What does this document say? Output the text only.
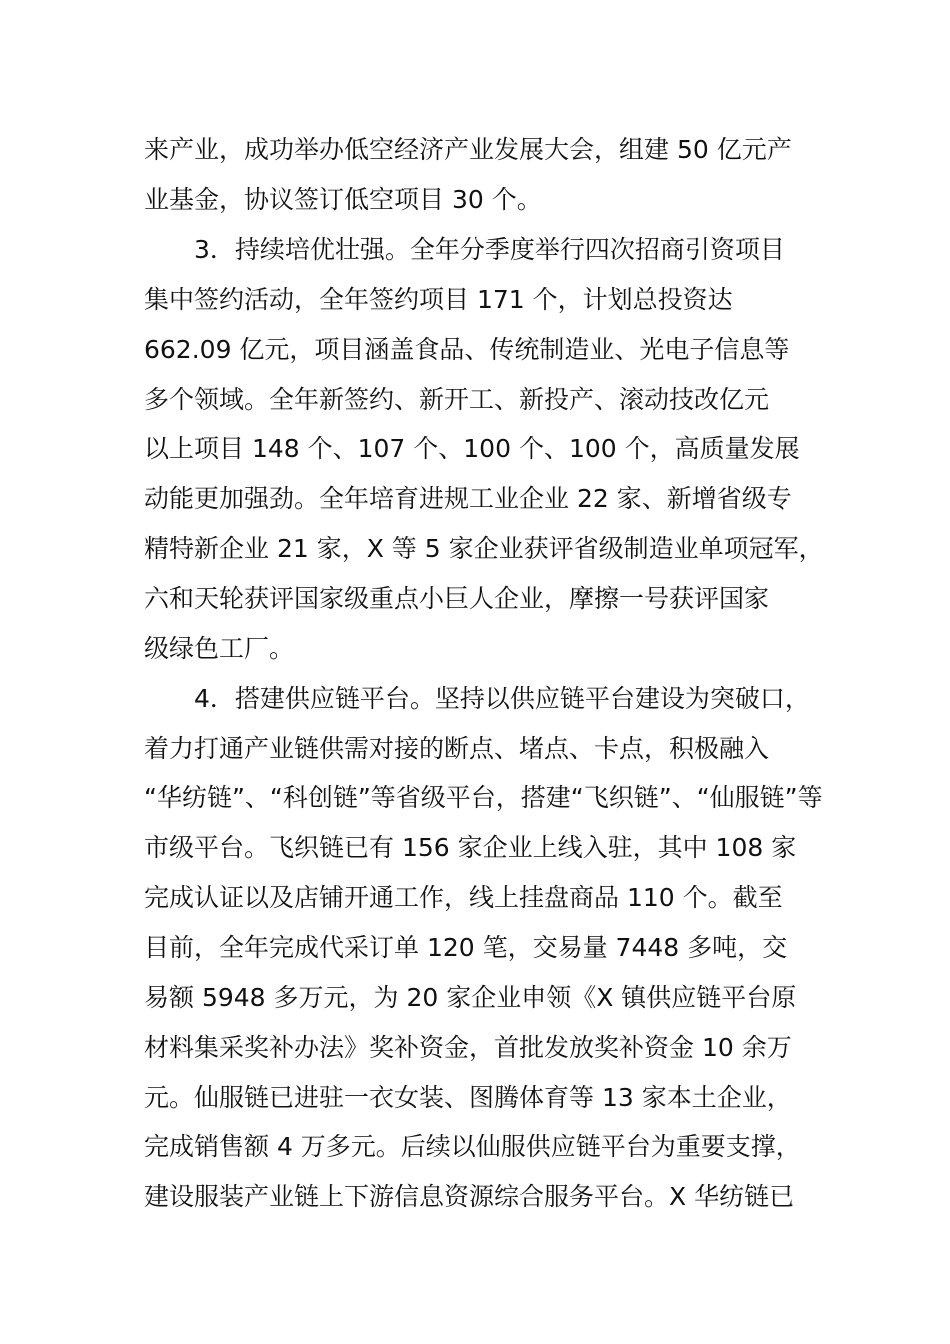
来产业，成功举办低空经济产业发展大会，组建 50 亿元产
业基金，协议签订低空项目 30 个。
　　3．持续培优壮强。全年分季度举行四次招商引资项目
集中签约活动，全年签约项目 171 个，计划总投资达
662.09 亿元，项目涵盖食品、传统制造业、光电子信息等
多个领域。全年新签约、新开工、新投产、滚动技改亿元
以上项目 148 个、107 个、100 个、100 个，高质量发展
动能更加强劲。全年培育进规工业企业 22 家、新增省级专
精特新企业 21 家，X 等 5 家企业获评省级制造业单项冠军，
六和天轮获评国家级重点小巨人企业，摩擦一号获评国家
级绿色工厂。
　　4．搭建供应链平台。坚持以供应链平台建设为突破口，
着力打通产业链供需对接的断点、堵点、卡点，积极融入
“华纺链”、“科创链”等省级平台，搭建“飞织链”、“仙服链”等
市级平台。飞织链已有 156 家企业上线入驻，其中 108 家
完成认证以及店铺开通工作，线上挂盘商品 110 个。截至
目前，全年完成代采订单 120 笔，交易量 7448 多吨，交
易额 5948 多万元，为 20 家企业申领《X 镇供应链平台原
材料集采奖补办法》奖补资金，首批发放奖补资金 10 余万
元。仙服链已进驻一衣女装、图腾体育等 13 家本土企业，
完成销售额 4 万多元。后续以仙服供应链平台为重要支撑，
建设服装产业链上下游信息资源综合服务平台。X 华纺链已
